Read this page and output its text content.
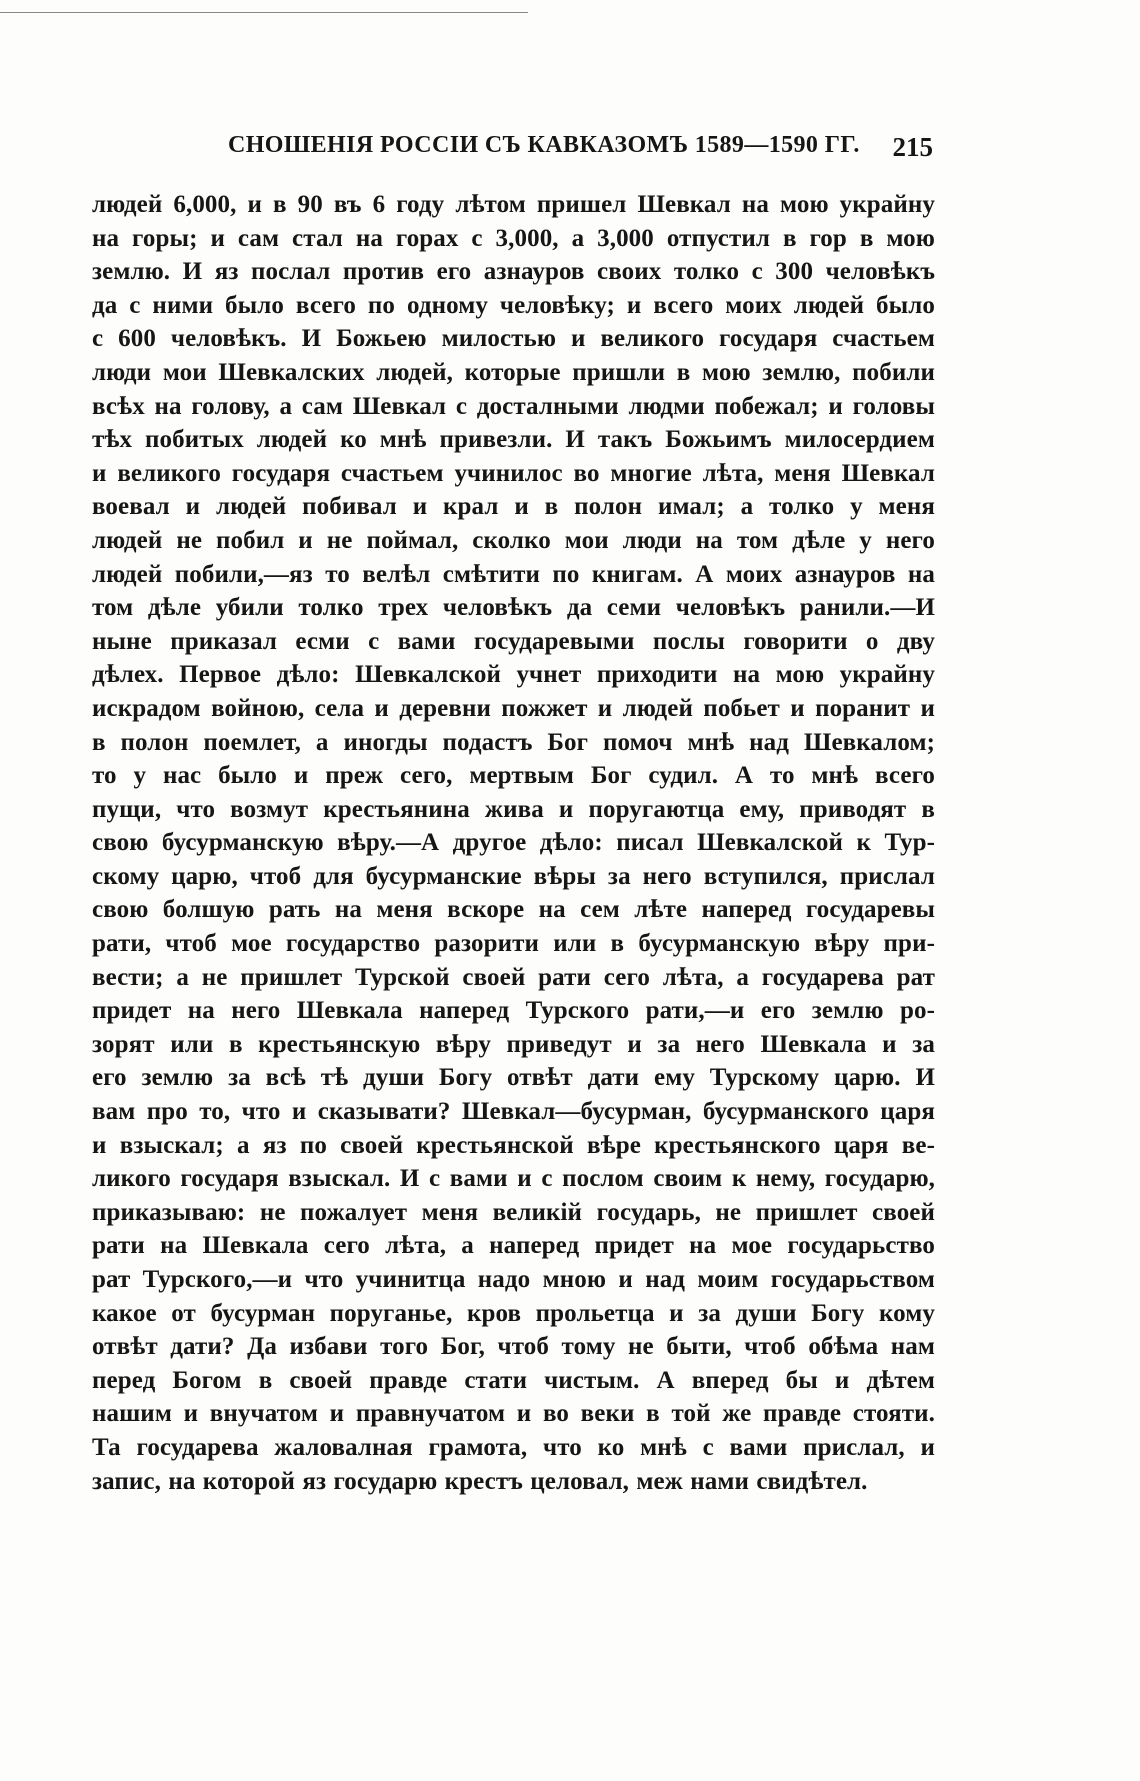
СНОШЕНIЯ РОССIИ СЪ КАВКАЗОМЪ 1589—1590 ГГ. 215
людей 6,000, и в 90 въ 6 году лѣтом пришел Шевкал на мою украйну
на горы; и сам стал на горах с 3,000, а 3,000 отпустил в гор в мою
землю. И яз послал против его азнауров своих толко с 300 человѣкъ
да с ними было всего по одному человѣку; и всего моих людей было
с 600 человѣкъ. И Божьею милостью и великого государя счастьем
люди мои Шевкалских людей, которые пришли в мою землю, побили
всѣх на голову, а сам Шевкал с досталными людми побежал; и головы
тѣх побитых людей ко мнѣ привезли. И такъ Божьимъ милосердием
и великого государя счастьем учинилос во многие лѣта, меня Шевкал
воевал и людей побивал и крал и в полон имал; а толко у меня
людей не побил и не поймал, сколко мои люди на том дѣле у него
людей побили,—яз то велѣл смѣтити по книгам. А моих азнауров на
том дѣле убили толко трех человѣкъ да семи человѣкъ ранили.—И
ныне приказал есми с вами государевыми послы говорити о дву
дѣлех. Первое дѣло: Шевкалской учнет приходити на мою украйну
искрадом войною, села и деревни пожжет и людей побьет и поранит и
в полон поемлет, а иногды подастъ Бог помоч мнѣ над Шевкалом;
то у нас было и преж сего, мертвым Бог судил. А то мнѣ всего
пущи, что возмут крестьянина жива и поругаютца ему, приводят в
свою бусурманскую вѣру.—А другое дѣло: писал Шевкалской к Тур-
скому царю, чтоб для бусурманские вѣры за него вступился, прислал
свою болшую рать на меня вскоре на сем лѣте наперед государевы
рати, чтоб мое государство разорити или в бусурманскую вѣру при-
вести; а не пришлет Турской своей рати сего лѣта, а государева рат
придет на него Шевкала наперед Турского рати,—и его землю ро-
зорят или в крестьянскую вѣру приведут и за него Шевкала и за
его землю за всѣ тѣ души Богу отвѣт дати ему Турскому царю. И
вам про то, что и сказывати? Шевкал—бусурман, бусурманского царя
и взыскал; а яз по своей крестьянской вѣре крестьянского царя ве-
ликого государя взыскал. И с вами и с послом своим к нему, государю,
приказываю: не пожалует меня великiй государь, не пришлет своей
рати на Шевкала сего лѣта, а наперед придет на мое государьство
рат Турского,—и что учинитца надо мною и над моим государьством
какое от бусурман поруганье, кров прольетца и за души Богу кому
отвѣт дати? Да избави того Бог, чтоб тому не быти, чтоб обѣма нам
перед Богом в своей правде стати чистым. А вперед бы и дѣтем
нашим и внучатом и правнучатом и во веки в той же правде стояти.
Та государева жаловалная грамота, что ко мнѣ с вами прислал, и
запис, на которой яз государю крестъ целовал, меж нами свидѣтел.
